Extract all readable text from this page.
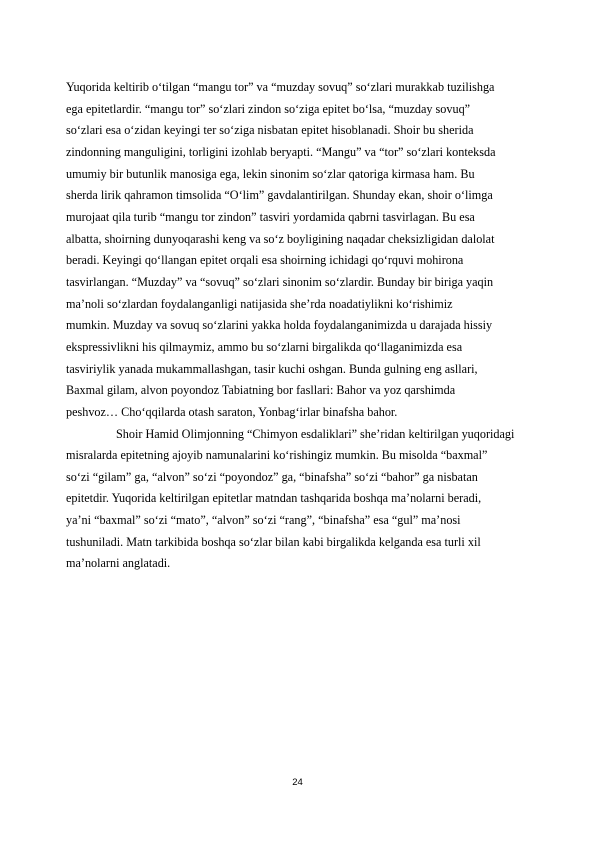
Yuqorida keltirib o‘tilgan “mangu tor” va “muzday sovuq” so‘zlari murakkab tuzilishga
ega epitetlardir. “mangu tor” so‘zlari zindon so‘ziga epitet bo‘lsa, “muzday sovuq”
so‘zlari esa o‘zidan keyingi ter so‘ziga nisbatan epitet hisoblanadi. Shoir bu sherida
zindonning manguligini, torligini izohlab beryapti. “Mangu” va “tor” so‘zlari konteksda
umumiy bir butunlik manosiga ega, lekin sinonim so‘zlar qatoriga kirmasa ham. Bu
sherda lirik qahramon timsolida “O‘lim” gavdalantirilgan. Shunday ekan, shoir o‘limga
murojaat qila turib “mangu tor zindon” tasviri yordamida qabrni tasvirlagan. Bu esa
albatta, shoirning dunyoqarashi keng va so‘z boyligining naqadar cheksizligidan dalolat
beradi. Keyingi qo‘llangan epitet orqali esa shoirning ichidagi qo‘rquvi mohirona
tasvirlangan. “Muzday” va “sovuq” so‘zlari sinonim so‘zlardir. Bunday bir biriga yaqin
ma’noli so‘zlardan foydalanganligi natijasida she’rda noadatiylikni ko‘rishimiz
mumkin. Muzday va sovuq so‘zlarini yakka holda foydalanganimizda u darajada hissiy
ekspressivlikni his qilmaymiz, ammo bu so‘zlarni birgalikda qo‘llaganimizda esa
tasviriylik yanada mukammallashgan, tasir kuchi oshgan. Bunda gulning eng asllari,
Baxmal gilam, alvon poyondoz Tabiatning bor fasllari: Bahor va yoz qarshimda
peshvoz… Cho‘qqilarda otash saraton, Yonbag‘irlar binafsha bahor.
Shoir Hamid Olimjonning “Chimyon esdaliklari” she’ridan keltirilgan yuqoridagi
misralarda epitetning ajoyib namunalarini ko‘rishingiz mumkin. Bu misolda “baxmal”
so‘zi “gilam” ga, “alvon” so‘zi “poyondoz” ga, “binafsha” so‘zi “bahor” ga nisbatan
epitetdir. Yuqorida keltirilgan epitetlar matndan tashqarida boshqa ma’nolarni beradi,
ya’ni “baxmal” so‘zi “mato”, “alvon” so‘zi “rang”, “binafsha” esa “gul” ma’nosi
tushuniladi. Matn tarkibida boshqa so‘zlar bilan kabi birgalikda kelganda esa turli xil
ma’nolarni anglatadi.
24
